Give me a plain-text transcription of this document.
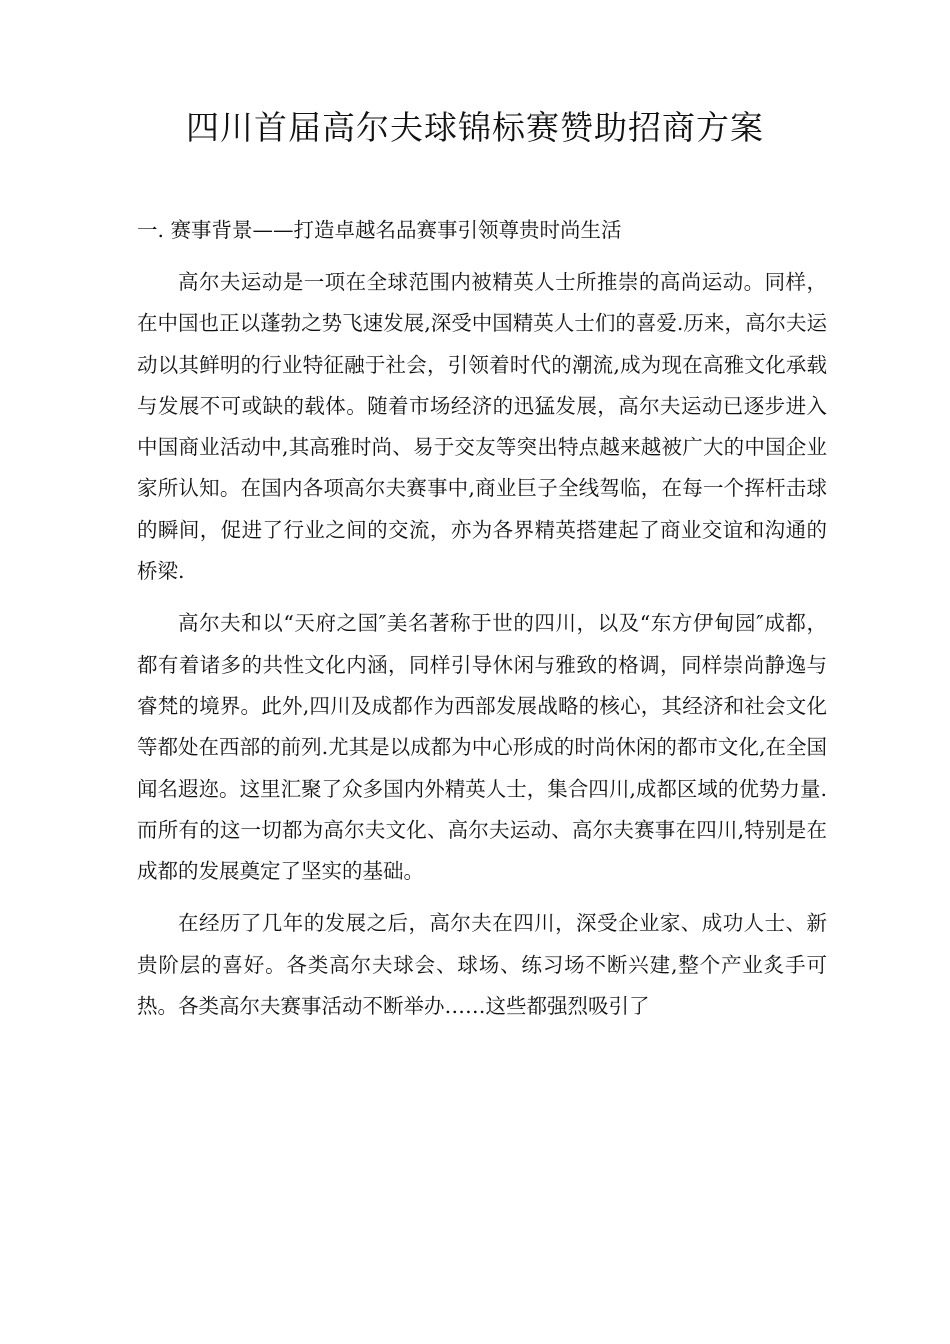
四川首届高尔夫球锦标赛赞助招商方案
一. 赛事背景——打造卓越名品赛事引领尊贵时尚生活

高尔夫运动是一项在全球范围内被精英人士所推崇的高尚运动。同样，在中国也正以蓬勃之势飞速发展,深受中国精英人士们的喜爱.历来，高尔夫运动以其鲜明的行业特征融于社会，引领着时代的潮流,成为现在高雅文化承载与发展不可或缺的载体。随着市场经济的迅猛发展，高尔夫运动已逐步进入中国商业活动中,其高雅时尚、易于交友等突出特点越来越被广大的中国企业家所认知。在国内各项高尔夫赛事中,商业巨子全线驾临，在每一个挥杆击球的瞬间，促进了行业之间的交流，亦为各界精英搭建起了商业交谊和沟通的桥梁.

高尔夫和以“天府之国″美名著称于世的四川，以及“东方伊甸园″成都，都有着诸多的共性文化内涵，同样引导休闲与雅致的格调，同样崇尚静逸与睿梵的境界。此外,四川及成都作为西部发展战略的核心，其经济和社会文化等都处在西部的前列.尤其是以成都为中心形成的时尚休闲的都市文化,在全国闻名遐迩。这里汇聚了众多国内外精英人士，集合四川,成都区域的优势力量.而所有的这一切都为高尔夫文化、高尔夫运动、高尔夫赛事在四川,特别是在成都的发展奠定了坚实的基础。

在经历了几年的发展之后，高尔夫在四川，深受企业家、成功人士、新贵阶层的喜好。各类高尔夫球会、球场、练习场不断兴建,整个产业炙手可热。各类高尔夫赛事活动不断举办……这些都强烈吸引了
